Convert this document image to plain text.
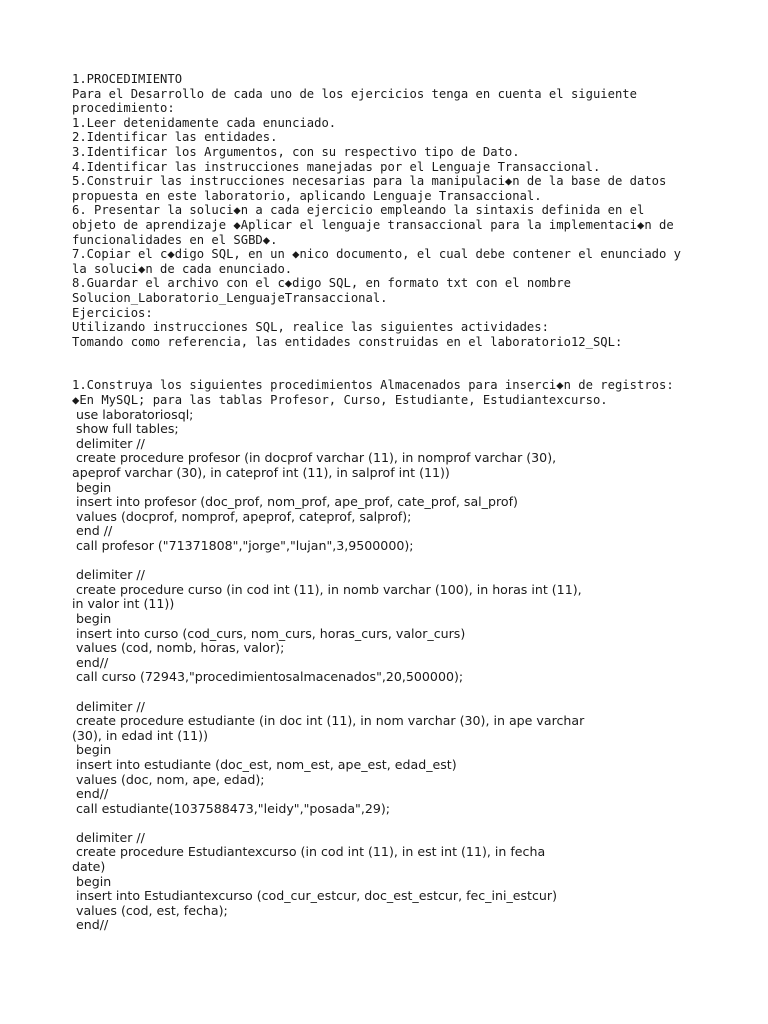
1.PROCEDIMIENTO

Para el Desarrollo de cada uno de los ejercicios tenga en cuenta el siguiente

procedimiento:

1.Leer detenidamente cada enunciado.

2.Identificar las entidades.

3.Identificar los Argumentos, con su respectivo tipo de Dato.

4.Identificar las instrucciones manejadas por el Lenguaje Transaccional.

5.Construir las instrucciones necesarias para la manipulaci◆n de la base de datos

propuesta en este laboratorio, aplicando Lenguaje Transaccional.

6. Presentar la soluci◆n a cada ejercicio empleando la sintaxis definida en el

objeto de aprendizaje ◆Aplicar el lenguaje transaccional para la implementaci◆n de

funcionalidades en el SGBD◆.

7.Copiar el c◆digo SQL, en un ◆nico documento, el cual debe contener el enunciado y

la soluci◆n de cada enunciado.

8.Guardar el archivo con el c◆digo SQL, en formato txt con el nombre

Solucion_Laboratorio_LenguajeTransaccional.

Ejercicios:

Utilizando instrucciones SQL, realice las siguientes actividades:

Tomando como referencia, las entidades construidas en el laboratorio12_SQL:

1.Construya los siguientes procedimientos Almacenados para inserci◆n de registros:

◆En MySQL; para las tablas Profesor, Curso, Estudiante, Estudiantexcurso.

use laboratoriosql;

show full tables;

delimiter //

create procedure profesor (in docprof varchar (11), in nomprof varchar (30),

apeprof varchar (30), in cateprof int (11), in salprof int (11))

begin

insert into profesor (doc_prof, nom_prof, ape_prof, cate_prof, sal_prof)

values (docprof, nomprof, apeprof, cateprof, salprof);

end //

call profesor ("71371808","jorge","lujan",3,9500000);

delimiter //

create procedure curso (in cod int (11), in nomb varchar (100), in horas int (11),

in valor int (11))

begin

insert into curso (cod_curs, nom_curs, horas_curs, valor_curs)

values (cod, nomb, horas, valor);

end//

call curso (72943,"procedimientosalmacenados",20,500000);

delimiter //

create procedure estudiante (in doc int (11), in nom varchar (30), in ape varchar

(30), in edad int (11))

begin

insert into estudiante (doc_est, nom_est, ape_est, edad_est)

values (doc, nom, ape, edad);

end//

call estudiante(1037588473,"leidy","posada",29);

delimiter //

create procedure Estudiantexcurso (in cod int (11), in est int (11), in fecha

date)

begin

insert into Estudiantexcurso (cod_cur_estcur, doc_est_estcur, fec_ini_estcur)

values (cod, est, fecha);

end//
